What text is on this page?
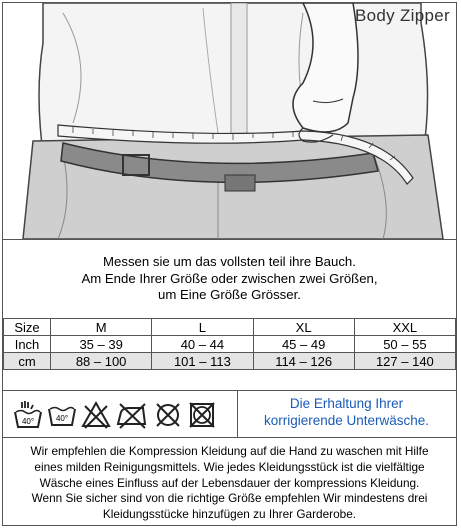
Body Zipper
Messen sie um das vollsten teil ihre Bauch.
Am Ende Ihrer Größe oder zwischen zwei Größen,
um Eine Größe Grösser.
Size	M	L	XL	XXL
Inch	35 – 39	40 – 44	45 – 49	50 – 55
cm	88 – 100	101 – 113	114 – 126	127 – 140
40°	40°
Die Erhaltung Ihrer
korrigierende Unterwäsche.
Wir empfehlen die Kompression Kleidung auf die Hand zu waschen mit Hilfe
eines milden Reinigungsmittels. Wie jedes Kleidungsstück ist die vielfältige
Wäsche eines Einfluss auf der Lebensdauer der kompressions Kleidung.
Wenn Sie sicher sind von die richtige Größe empfehlen Wir mindestens drei
Kleidungsstücke hinzufügen zu Ihrer Garderobe.
